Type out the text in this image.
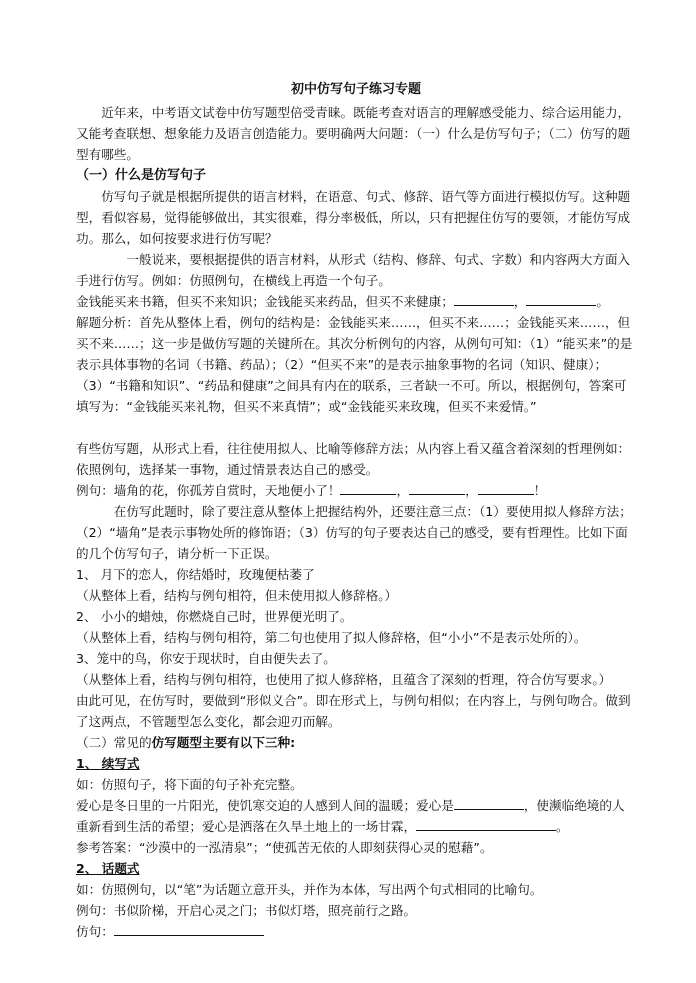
初中仿写句子练习专题

近年来，中考语文试卷中仿写题型倍受青睐。既能考查对语言的理解感受能力、综合运用能力，又能考查联想、想象能力及语言创造能力。要明确两大问题：（一）什么是仿写句子；（二）仿写的题型有哪些。

（一）什么是仿写句子

仿写句子就是根据所提供的语言材料，在语意、句式、修辞、语气等方面进行模拟仿写。这种题型，看似容易，觉得能够做出，其实很难，得分率极低，所以，只有把握住仿写的要领，才能仿写成功。那么，如何按要求进行仿写呢？

一般说来，要根据提供的语言材料，从形式（结构、修辞、句式、字数）和内容两大方面入手进行仿写。例如：仿照例句，在横线上再造一个句子。

金钱能买来书籍，但买不来知识；金钱能买来药品，但买不来健康；	，	。

解题分析：首先从整体上看，例句的结构是：金钱能买来……，但买不来……；金钱能买来……，但买不来……；这一步是做仿写题的关键所在。其次分析例句的内容，从例句可知：（1）“能买来”的是表示具体事物的名词（书籍、药品）；（2）“但买不来”的是表示抽象事物的名词（知识、健康）；（3）“书籍和知识”、“药品和健康”之间具有内在的联系，三者缺一不可。所以，根据例句，答案可填写为：“金钱能买来礼物，但买不来真情”；或“金钱能买来玫瑰，但买不来爱情。”

有些仿写题，从形式上看，往往使用拟人、比喻等修辞方法；从内容上看又蕴含着深刻的哲理例如：依照例句，选择某一事物，通过情景表达自己的感受。

例句：墙角的花，你孤芳自赏时，天地便小了！	，	，	！

在仿写此题时，除了要注意从整体上把握结构外，还要注意三点：（1）要使用拟人修辞方法；（2）“墙角”是表示事物处所的修饰语；（3）仿写的句子要表达自己的感受，要有哲理性。比如下面的几个仿写句子，请分析一下正误。

1、 月下的恋人，你结婚时，玫瑰便枯萎了

（从整体上看，结构与例句相符，但未使用拟人修辞格。）

2、 小小的蜡烛，你燃烧自己时，世界便光明了。

（从整体上看，结构与例句相符，第二句也使用了拟人修辞格，但“小小”不是表示处所的）。

3、笼中的鸟，你安于现状时，自由便失去了。

（从整体上看，结构与例句相符，也使用了拟人修辞格，且蕴含了深刻的哲理，符合仿写要求。）

由此可见，在仿写时，要做到“形似义合”。即在形式上，与例句相似；在内容上，与例句吻合。做到了这两点，不管题型怎么变化，都会迎刃而解。

（二）常见的仿写题型主要有以下三种:

1、 续写式

如：仿照句子，将下面的句子补充完整。

爱心是冬日里的一片阳光，使饥寒交迫的人感到人间的温暖；爱心是	，使濒临绝境的人重新看到生活的希望；爱心是洒落在久旱土地上的一场甘霖，	。

参考答案：“沙漠中的一泓清泉”；“使孤苦无依的人即刻获得心灵的慰藉”。

2、 话题式

如：仿照例句，以“笔”为话题立意开头，并作为本体，写出两个句式相同的比喻句。

例句：书似阶梯，开启心灵之门；书似灯塔，照亮前行之路。

仿句：
